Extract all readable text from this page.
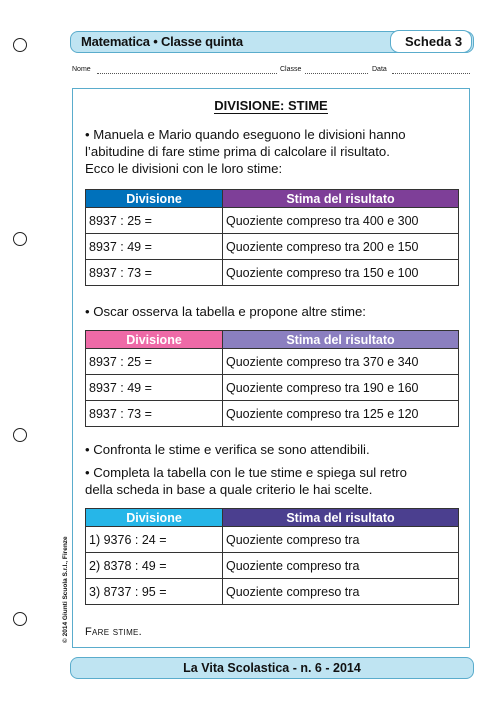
Matematica • Classe quinta	Scheda 3
Nome	Classe	Data
DIVISIONE: STIME
• Manuela e Mario quando eseguono le divisioni hanno
l’abitudine di fare stime prima di calcolare il risultato.
Ecco le divisioni con le loro stime:
Divisione	Stima del risultato
8937 : 25 =	Quoziente compreso tra 400 e 300
8937 : 49 =	Quoziente compreso tra 200 e 150
8937 : 73 =	Quoziente compreso tra 150 e 100
• Oscar osserva la tabella e propone altre stime:
Divisione	Stima del risultato
8937 : 25 =	Quoziente compreso tra 370 e 340
8937 : 49 =	Quoziente compreso tra 190 e 160
8937 : 73 =	Quoziente compreso tra 125 e 120
• Confronta le stime e verifica se sono attendibili.
• Completa la tabella con le tue stime e spiega sul retro
della scheda in base a quale criterio le hai scelte.
Divisione	Stima del risultato
1) 9376 : 24 =	Quoziente compreso tra
2) 8378 : 49 =	Quoziente compreso tra
3) 8737 : 95 =	Quoziente compreso tra
Fare stime.
© 2014 Giunti Scuola S.r.l., Firenze
La Vita Scolastica - n. 6 - 2014
